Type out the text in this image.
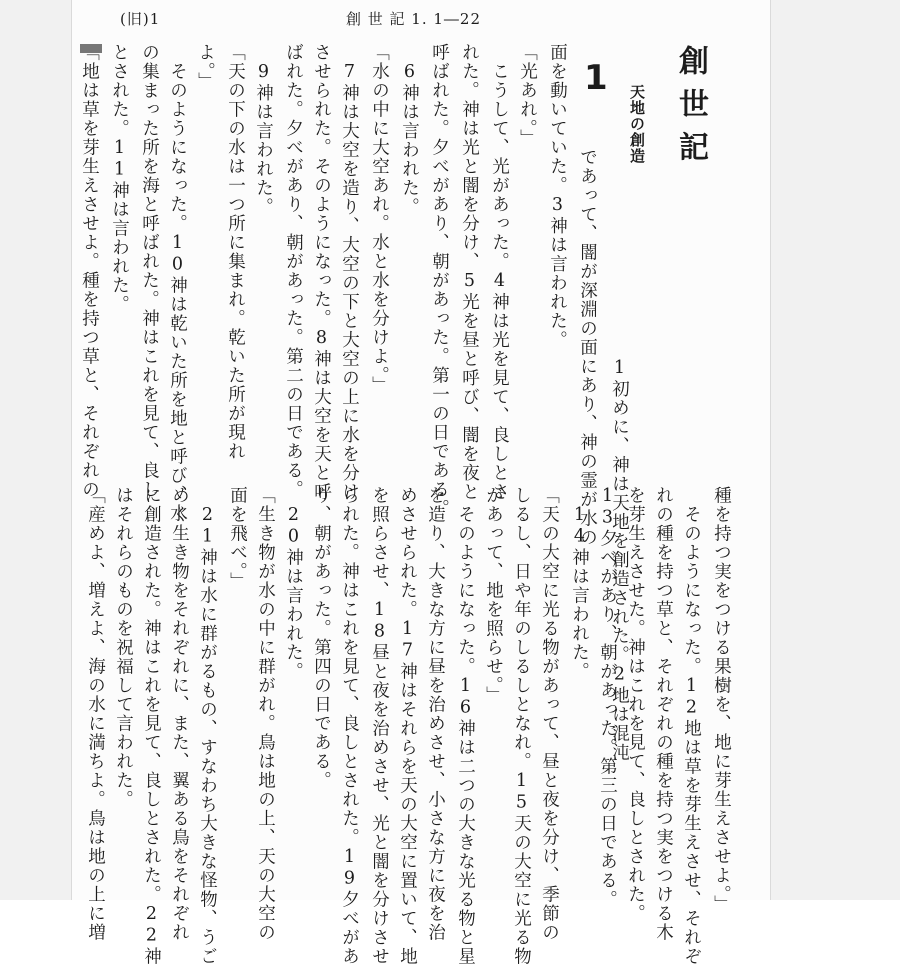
(旧)1	創 世 記 1. 1―22
創世記
1
天地の創造
1初めに、神は天地を創造された。2地は混沌
であって、闇が深淵の面にあり、神の霊が水の
面を動いていた。3神は言われた。
「光あれ。」
こうして、光があった。4神は光を見て、良しとさ
れた。神は光と闇を分け、5光を昼と呼び、闇を夜と
呼ばれた。夕べがあり、朝があった。第一の日である。
6神は言われた。
「水の中に大空あれ。水と水を分けよ。」
7神は大空を造り、大空の下と大空の上に水を分け
させられた。そのようになった。8神は大空を天と呼
ばれた。夕べがあり、朝があった。第二の日である。
9神は言われた。
「天の下の水は一つ所に集まれ。乾いた所が現れ
よ。」
そのようになった。10神は乾いた所を地と呼び、水
の集まった所を海と呼ばれた。神はこれを見て、良し
とされた。11神は言われた。
「地は草を芽生えさせよ。種を持つ草と、それぞれの
種を持つ実をつける果樹を、地に芽生えさせよ。」
そのようになった。12地は草を芽生えさせ、それぞ
れの種を持つ草と、それぞれの種を持つ実をつける木
を芽生えさせた。神はこれを見て、良しとされた。
13夕べがあり、朝があった。第三の日である。
14神は言われた。
「天の大空に光る物があって、昼と夜を分け、季節の
しるし、日や年のしるしとなれ。15天の大空に光る物
があって、地を照らせ。」
そのようになった。16神は二つの大きな光る物と星
を造り、大きな方に昼を治めさせ、小さな方に夜を治
めさせられた。17神はそれらを天の大空に置いて、地
を照らさせ、18昼と夜を治めさせ、光と闇を分けさせ
られた。神はこれを見て、良しとされた。19夕べがあ
り、朝があった。第四の日である。
20神は言われた。
「生き物が水の中に群がれ。鳥は地の上、天の大空の
面を飛べ。」
21神は水に群がるもの、すなわち大きな怪物、うご
めく生き物をそれぞれに、また、翼ある鳥をそれぞれ
に創造された。神はこれを見て、良しとされた。22神
はそれらのものを祝福して言われた。
「産めよ、増えよ、海の水に満ちよ。鳥は地の上に増
